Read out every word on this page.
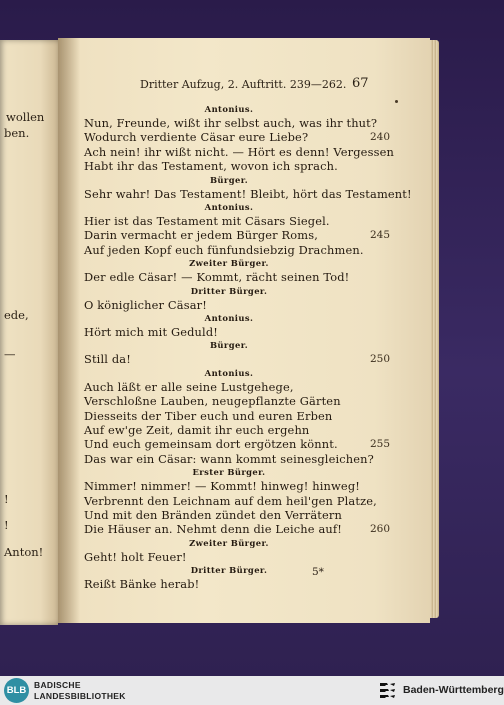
wollen
ben.
ede,
—
!
!
Anton!
Dritter Aufzug, 2. Auftritt. 239—262. 67
Antonius.
Nun, Freunde, wißt ihr selbst auch, was ihr thut?
Wodurch verdiente Cäsar eure Liebe?	240
Ach nein! ihr wißt nicht. — Hört es denn! Vergessen
Habt ihr das Testament, wovon ich sprach.
Bürger.
Sehr wahr! Das Testament! Bleibt, hört das Testament!
Antonius.
Hier ist das Testament mit Cäsars Siegel.
Darin vermacht er jedem Bürger Roms,	245
Auf jeden Kopf euch fünfundsiebzig Drachmen.
Zweiter Bürger.
Der edle Cäsar! — Kommt, rächt seinen Tod!
Dritter Bürger.
O königlicher Cäsar!
Antonius.
Hört mich mit Geduld!
Bürger.
Still da!	250
Antonius.
Auch läßt er alle seine Lustgehege,
Verschloßne Lauben, neugepflanzte Gärten
Diesseits der Tiber euch und euren Erben
Auf ew'ge Zeit, damit ihr euch ergehn
Und euch gemeinsam dort ergötzen könnt.	255
Das war ein Cäsar: wann kommt seinesgleichen?
Erster Bürger.
Nimmer! nimmer! — Kommt! hinweg! hinweg!
Verbrennt den Leichnam auf dem heil'gen Platze,
Und mit den Bränden zündet den Verrätern
Die Häuser an. Nehmt denn die Leiche auf!	260
Zweiter Bürger.
Geht! holt Feuer!
Dritter Bürger.
Reißt Bänke herab!
5*
BLB BADISCHE
LANDESBIBLIOTHEK	Baden-Württemberg
